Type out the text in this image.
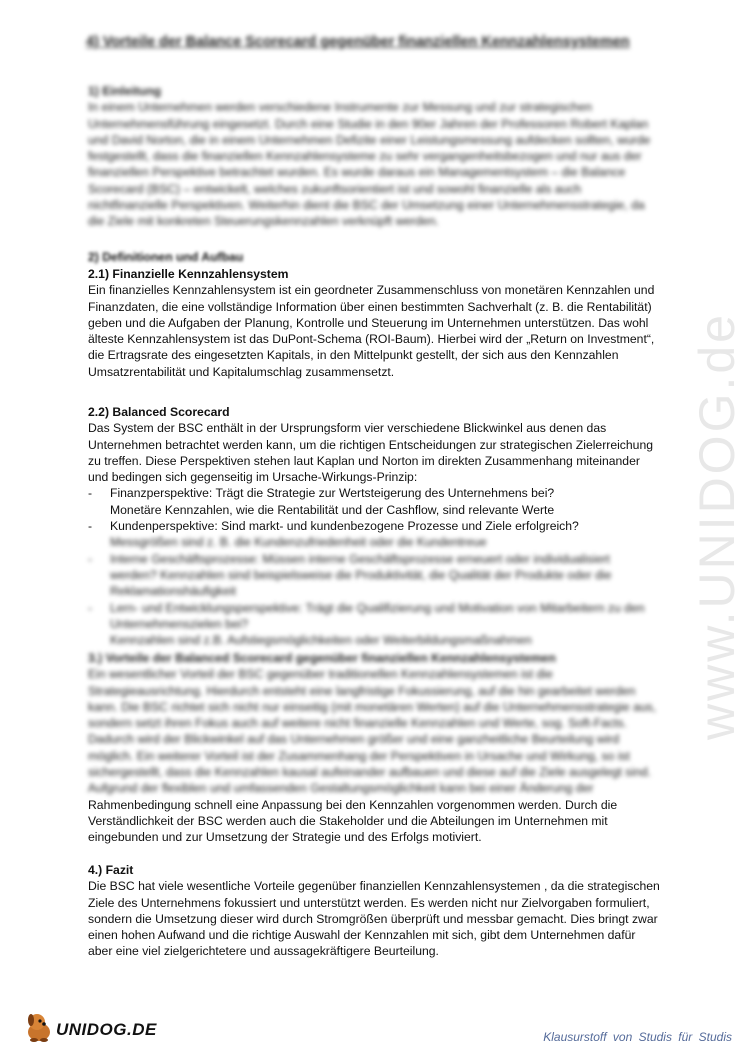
4) Vorteile der Balance Scorecard gegenüber finanziellen Kennzahlensystemen
1) Einleitung

In einem Unternehmen werden verschiedene Instrumente zur Messung und zur strategischen Unternehmensführung eingesetzt. Durch eine Studie in den 90er Jahren der Professoren Robert Kaplan und David Norton, die in einem Unternehmen Defizite einer Leistungsmessung aufdecken sollten, wurde festgestellt, dass die finanziellen Kennzahlensysteme zu sehr vergangenheitsbezogen und nur aus der finanziellen Perspektive betrachtet wurden. Es wurde daraus ein Managementsystem – die Balance Scorecard (BSC) – entwickelt, welches zukunftsorientiert ist und sowohl finanzielle als auch nichtfinanzielle Perspektiven. Weiterhin dient die BSC der Umsetzung einer Unternehmensstrategie, da die Ziele mit konkreten Steuerungskennzahlen verknüpft werden.

2) Definitionen und Aufbau
2.1) Finanzielle Kennzahlensystem

Ein finanzielles Kennzahlensystem ist ein geordneter Zusammenschluss von monetären Kennzahlen und Finanzdaten, die eine vollständige Information über einen bestimmten Sachverhalt (z. B. die Rentabilität) geben und die Aufgaben der Planung, Kontrolle und Steuerung im Unternehmen unterstützen. Das wohl älteste Kennzahlensystem ist das DuPont-Schema (ROI-Baum). Hierbei wird der „Return on Investment“, die Ertragsrate des eingesetzten Kapitals, in den Mittelpunkt gestellt, der sich aus den Kennzahlen Umsatzrentabilität und Kapitalumschlag zusammensetzt.

2.2) Balanced Scorecard

Das System der BSC enthält in der Ursprungsform vier verschiedene Blickwinkel aus denen das Unternehmen betrachtet werden kann, um die richtigen Entscheidungen zur strategischen Zielerreichung zu treffen. Diese Perspektiven stehen laut Kaplan und Norton im direkten Zusammenhang miteinander und bedingen sich gegenseitig im Ursache-Wirkungs-Prinzip:

- Finanzperspektive: Trägt die Strategie zur Wertsteigerung des Unternehmens bei?
Monetäre Kennzahlen, wie die Rentabilität und der Cashflow, sind relevante Werte
- Kundenperspektive: Sind markt- und kundenbezogene Prozesse und Ziele erfolgreich?
Messgrößen sind z. B. die Kundenzufriedenheit oder die Kundentreue
- Interne Geschäftsprozesse: Müssen interne Geschäftsprozesse erneuert oder individualisiert werden? Kennzahlen sind beispielsweise die Produktivität, die Qualität der Produkte oder die Reklamationshäufigkeit
- Lern- und Entwicklungsperspektive: Trägt die Qualifizierung und Motivation von Mitarbeitern zu den Unternehmenszielen bei?
Kennzahlen sind z.B. Aufstiegsmöglichkeiten oder Weiterbildungsmaßnahmen
3.) Vorteile der Balanced Scorecard gegenüber finanziellen Kennzahlensystemen

Ein wesentlicher Vorteil der BSC gegenüber traditionellen Kennzahlensystemen ist die Strategieausrichtung. Hierdurch entsteht eine langfristige Fokussierung, auf die hin gearbeitet werden kann. Die BSC richtet sich nicht nur einseitig (mit monetären Werten) auf die Unternehmensstrategie aus, sondern setzt ihren Fokus auch auf weitere nicht finanzielle Kennzahlen und Werte, sog. Soft-Facts. Dadurch wird der Blickwinkel auf das Unternehmen größer und eine ganzheitliche Beurteilung wird möglich. Ein weiterer Vorteil ist der Zusammenhang der Perspektiven in Ursache und Wirkung, so ist sichergestellt, dass die Kennzahlen kausal aufeinander aufbauen und diese auf die Ziele ausgelegt sind. Aufgrund der flexiblen und umfassenden Gestaltungsmöglichkeit kann bei einer Änderung der

Rahmenbedingung schnell eine Anpassung bei den Kennzahlen vorgenommen werden. Durch die Verständlichkeit der BSC werden auch die Stakeholder und die Abteilungen im Unternehmen mit eingebunden und zur Umsetzung der Strategie und des Erfolgs motiviert.

4.) Fazit

Die BSC hat viele wesentliche Vorteile gegenüber finanziellen Kennzahlensystemen , da die strategischen Ziele des Unternehmens fokussiert und unterstützt werden. Es werden nicht nur Zielvorgaben formuliert, sondern die Umsetzung dieser wird durch Stromgrößen überprüft und messbar gemacht. Dies bringt zwar einen hohen Aufwand und die richtige Auswahl der Kennzahlen mit sich, gibt dem Unternehmen dafür aber eine viel zielgerichtetere und aussagekräftigere Beurteilung.

www.UNIDOG.de
UNIDOG.DE	Klausurstoff von Studis für Studis
